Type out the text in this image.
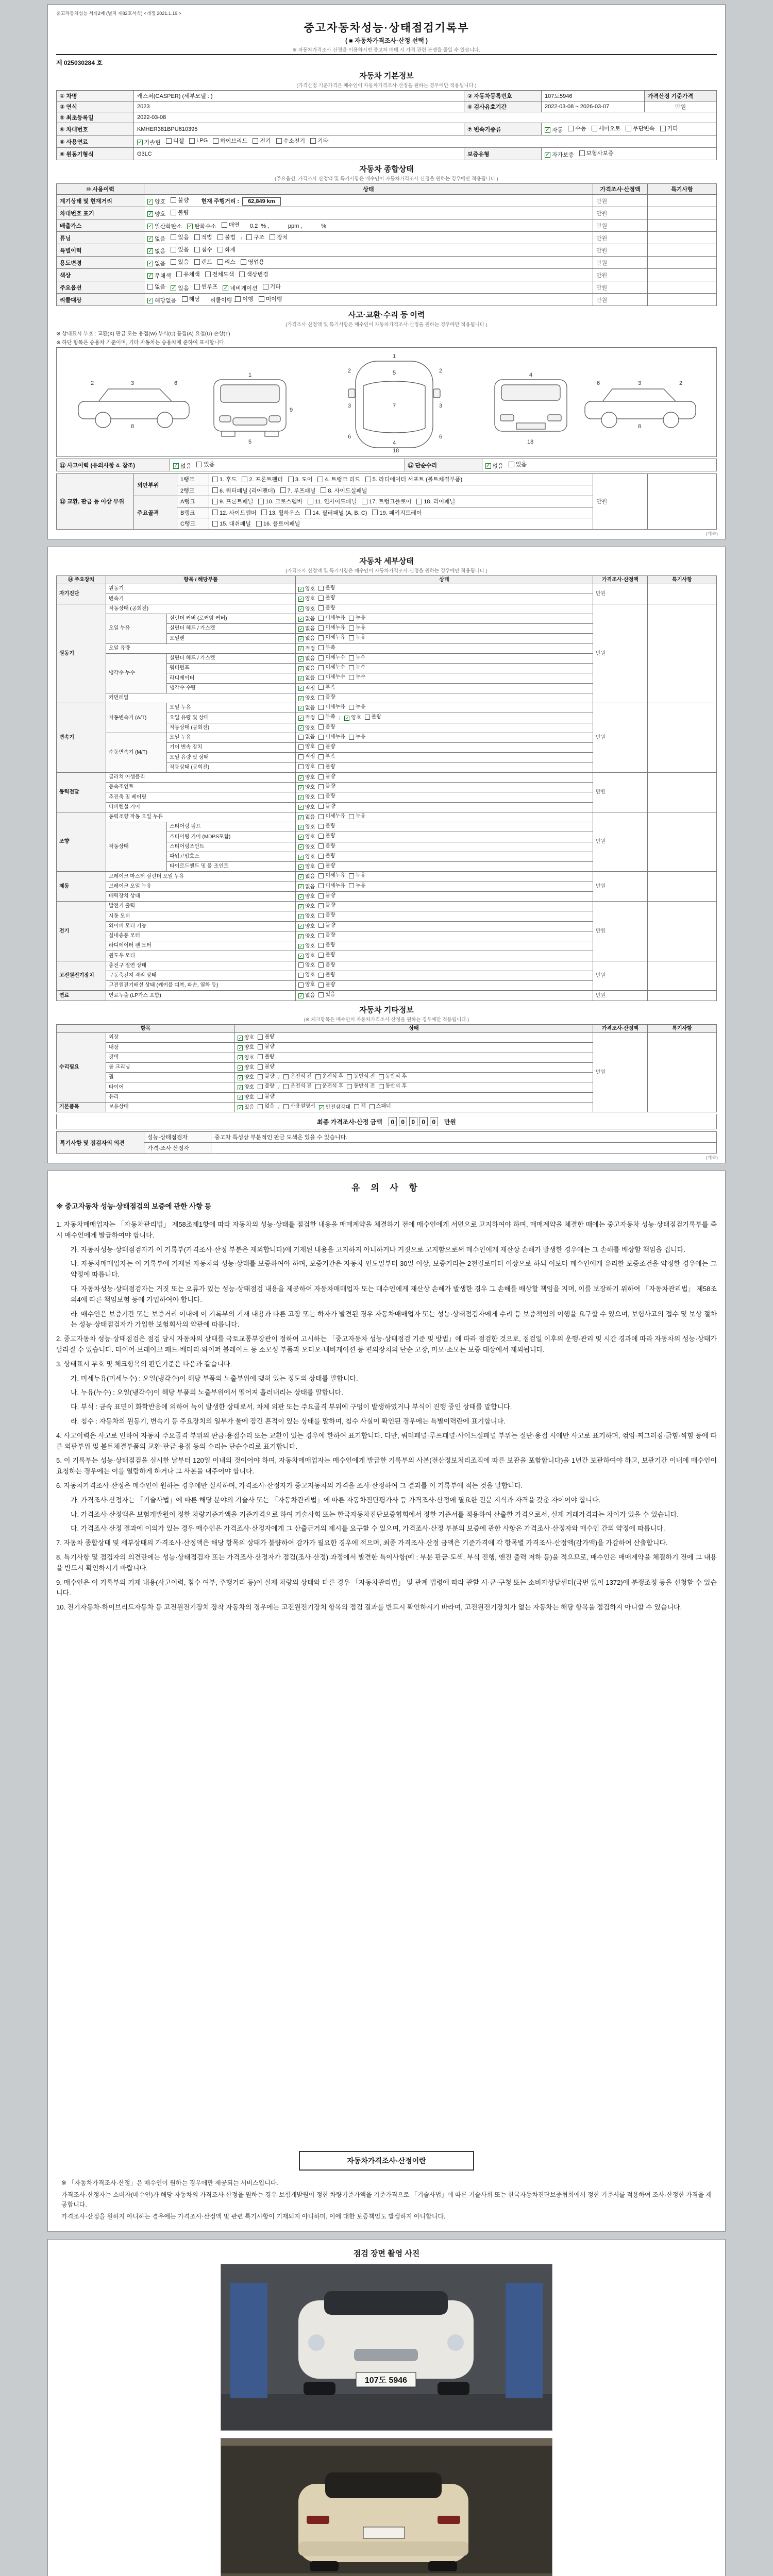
중고자동차성능 서식2매 (별지 제82호서식) <개정 2021.1.19.>
중고자동차성능·상태점검기록부
( ■ 자동차가격조사·산정 선택 )
※ 자동차가격조사·산정을 이용하시면 중고차 매매 시 가격 관련 분쟁을 줄일 수 있습니다.
제 025030284 호
자동차 기본정보
(가격산정 기준가격은 매수인이 자동차가격조사·산정을 원하는 경우에만 적용됩니다.)
① 차명	캐스퍼(CASPER) (세부모델 : )	② 자동차등록번호	107도5946	가격산정 기준가격
③ 연식	2023	④ 검사유효기간	2022-03-08 ~ 2026-03-07	만원
⑤ 최초등록일	2022-03-08			
⑥ 차대번호	KMHER381BPU610395	⑦ 변속기종류	✓ 자동 수동 세미오토 무단변속 기타

⑧ 사용연료	✓ 가솔린 디젤 LPG 하이브리드 전기 수소전기 기타

⑨ 원동기형식	G3LC	보증유형	✓ 자가보증 보험사보증	
자동차 종합상태
(주요옵션, 가격조사·산정액 및 특기사항은 매수인이 자동차가격조사·산정을 원하는 경우에만 적용됩니다.)
⑩ 사용이력	상태	가격조사·산정액	특기사항
계기상태 및 현재거리	✓ 양호 불량 현재 주행거리 : 62,849 km	만원	
차대번호 표기	✓ 양호 불량	만원	
배출가스	✓ 일산화탄소 ✓ 탄화수소 매연 0.2  % ,            ppm ,            %	만원	
튜닝	✓ 없음 있음 적법 불법 / 구조 장치	만원	
특별이력	✓ 없음 있음 침수 화재	만원	
용도변경	✓ 없음 있음 렌트 리스 영업용	만원	
색상	✓ 무채색 유채색 전체도색 색상변경	만원	
주요옵션	없음 ✓ 있음 썬루프 ✓ 네비게이션 기타	만원	
리콜대상	✓ 해당없음 해당 리콜이행 : 이행 미이행	만원	
사고·교환·수리 등 이력
(가격조사·산정액 및 특기사항은 매수인이 자동차가격조사·산정을 원하는 경우에만 적용됩니다.)
※ 상태표시 부호 : 교환(X) 판금 또는 용접(W) 부식(C) 흠집(A) 요철(U) 손상(T)
※ 하단 항목은 승용차 기준이며, 기타 자동차는 승용차에 준하여 표시합니다.
2	3	6
8
1
5
9
1
5
7
4
2	2
3	3
6	6
18
4
18
2
3
6
8
⑪ 사고이력 (유의사항 4. 참조)	✓ 없음 있음	⑫ 단순수리	✓ 없음 있음
⑬ 교환, 판금 등 이상 부위	외판부위	1랭크	1. 후드 2. 프론트펜더 3. 도어 4. 트렁크 리드 5. 라디에이터 서포트 (볼트체결부품)	만원	
		2랭크	6. 쿼터패널 (리어펜더) 7. 루프패널 8. 사이드실패널		

	주요골격	A랭크	9. 프론트패널 10. 크로스멤버 11. 인사이드패널 17. 트렁크플로어 18. 리어패널		

		B랭크	12. 사이드멤버 13. 휠하우스 14. 필러패널 (A, B, C) 19. 패키지트레이		

		C랭크	15. 대쉬패널 16. 플로어패널		
(계속)
자동차 세부상태
(가격조사·산정액 및 특기사항은 매수인이 자동차가격조사·산정을 원하는 경우에만 적용됩니다.)
⑭ 주요장치	항목 / 해당부품		상태	가격조사·산정액	특기사항
자기진단	원동기		✓ 양호 불량	만원	
	변속기		✓ 양호 불량		

원동기	작동상태 (공회전)		✓ 양호 불량	만원	
	오일 누유	실린더 커버 (로커암 커버)	✓ 없음 미세누유 누유		

		실린더 헤드 / 가스켓	✓ 없음 미세누유 누유		

		오일팬	✓ 없음 미세누유 누유		

	오일 유량		✓ 적정 부족		

	냉각수 누수	실린더 헤드 / 가스켓	✓ 없음 미세누수 누수		

		워터펌프	✓ 없음 미세누수 누수		

		라디에이터	✓ 없음 미세누수 누수		

		냉각수 수량	✓ 적정 부족		

	커먼레일		✓ 양호 불량		

변속기	자동변속기 (A/T)	오일 누유	✓ 없음 미세누유 누유	만원	
오일 유량 및 상태	✓ 적정 부족 / ✓ 양호 불량

		작동상태 (공회전)	✓ 양호 불량		

	수동변속기 (M/T)	오일 누유	없음 미세누유 누유		

		기어 변속 장치	양호 불량		

		오일 유량 및 상태	적정 부족		

		작동상태 (공회전)	양호 불량		

동력전달	클러치 어셈블리		✓ 양호 불량	만원	
	등속조인트		✓ 양호 불량		

	추진축 및 베어링		✓ 양호 불량		

	디퍼렌셜 기어		✓ 양호 불량		

조향	동력조향 작동 오일 누유		✓ 없음 미세누유 누유	만원	
	작동상태	스티어링 펌프	✓ 양호 불량		

		스티어링 기어 (MDPS포함)	✓ 양호 불량		

		스티어링조인트	✓ 양호 불량		

		파워고압호스	✓ 양호 불량		

		타이로드엔드 및 볼 조인트	✓ 양호 불량		

제동	브레이크 마스터 실린더 오일 누유		✓ 없음 미세누유 누유	만원	
	브레이크 오일 누유		✓ 없음 미세누유 누유		

	배력장치 상태		✓ 양호 불량		

전기	발전기 출력		✓ 양호 불량	만원	
	시동 모터		✓ 양호 불량		

	와이퍼 모터 기능		✓ 양호 불량		

	실내송풍 모터		✓ 양호 불량		

	라디에이터 팬 모터		✓ 양호 불량		

	윈도우 모터		✓ 양호 불량		

고전원전기장치	충전구 절연 상태		양호 불량	만원	
	구동축전지 격리 상태		양호 불량		

	고전원전기배선 상태 (케이블 피복, 파손, 열화 등)		양호 불량		

연료	연료누출 (LP가스 포함)		✓ 없음 있음	만원	
자동차 기타정보
(※ 체크항목은 매수인이 자동차가격조사·산정을 원하는 경우에만 적용됩니다.)
항목		상태	가격조사·산정액	특기사항
수리필요	외장	✓ 양호 불량	만원	
	내장	✓ 양호 불량		

	광택	✓ 양호 불량		

	룸 크리닝	✓ 양호 불량		

휠	✓ 양호 불량 / 운전석 전 운전석 후 동반석 전 동반석 후

타이어	✓ 양호 불량 / 운전석 전 운전석 후 동반석 전 동반석 후

	유리	✓ 양호 불량		

기본품목	보유상태	✓ 있음 없음 / 사용설명서 ✓ 안전삼각대 잭 스패너
최종 가격조사·산정 금액	0 0 0 0 0	만원
특기사항 및 점검자의 의견	성능·상태점검자	중고차 특성상 부분적인 판금 도색은 있을 수 있습니다.
	가격·조사 산정자	
(계속)
유 의 사 항
※ 중고자동차 성능·상태점검의 보증에 관한 사항 등
1. 자동차매매업자는 「자동차관리법」 제58조제1항에 따라 자동차의 성능·상태를 점검한 내용을 매매계약을 체결하기 전에 매수인에게 서면으로 고지하여야 하며, 매매계약을 체결한 때에는 중고자동차 성능·상태점검기록부를 즉시 매수인에게 발급하여야 합니다.
가. 자동차성능·상태점검자가 이 기록부(가격조사·산정 부분은 제외합니다)에 기재된 내용을 고지하지 아니하거나 거짓으로 고지함으로써 매수인에게 재산상 손해가 발생한 경우에는 그 손해를 배상할 책임을 집니다.
나. 자동차매매업자는 이 기록부에 기재된 자동차의 성능·상태를 보증하여야 하며, 보증기간은 자동차 인도일부터 30일 이상, 보증거리는 2천킬로미터 이상으로 하되 이보다 매수인에게 유리한 보증조건을 약정한 경우에는 그 약정에 따릅니다.
다. 자동차성능·상태점검자는 거짓 또는 오류가 있는 성능·상태점검 내용을 제공하여 자동차매매업자 또는 매수인에게 재산상 손해가 발생한 경우 그 손해를 배상할 책임을 지며, 이를 보장하기 위하여 「자동차관리법」 제58조의4에 따른 책임보험 등에 가입하여야 합니다.
라. 매수인은 보증기간 또는 보증거리 이내에 이 기록부의 기재 내용과 다른 고장 또는 하자가 발견된 경우 자동차매매업자 또는 성능·상태점검자에게 수리 등 보증책임의 이행을 요구할 수 있으며, 보험사고의 접수 및 보상 절차는 성능·상태점검자가 가입한 보험회사의 약관에 따릅니다.
2. 중고자동차 성능·상태점검은 점검 당시 자동차의 상태를 국토교통부장관이 정하여 고시하는 「중고자동차 성능·상태점검 기준 및 방법」에 따라 점검한 것으로, 점검일 이후의 운행·관리 및 시간 경과에 따라 자동차의 성능·상태가 달라질 수 있습니다. 타이어·브레이크 패드·배터리·와이퍼 블레이드 등 소모성 부품과 오디오·내비게이션 등 편의장치의 단순 고장, 마모·소모는 보증 대상에서 제외됩니다.
3. 상태표시 부호 및 체크항목의 판단기준은 다음과 같습니다.
가. 미세누유(미세누수) : 오일(냉각수)이 해당 부품의 노출부위에 맺혀 있는 정도의 상태를 말합니다.
나. 누유(누수) : 오일(냉각수)이 해당 부품의 노출부위에서 떨어져 흘러내리는 상태를 말합니다.
다. 부식 : 금속 표면이 화학반응에 의하여 녹이 발생한 상태로서, 차체 외판 또는 주요골격 부위에 구멍이 발생하였거나 부식이 진행 중인 상태를 말합니다.
라. 침수 : 자동차의 원동기, 변속기 등 주요장치의 일부가 물에 잠긴 흔적이 있는 상태를 말하며, 침수 사실이 확인된 경우에는 특별이력란에 표기합니다.
4. 사고이력은 사고로 인하여 자동차 주요골격 부위의 판금·용접수리 또는 교환이 있는 경우에 한하여 표기합니다. 다만, 쿼터패널·루프패널·사이드실패널 부위는 절단·용접 시에만 사고로 표기하며, 꺾임·찌그러짐·긁힘·찍힘 등에 따른 외판부위 및 볼트체결부품의 교환·판금·용접 등의 수리는 단순수리로 표기합니다.
5. 이 기록부는 성능·상태점검을 실시한 날부터 120일 이내의 것이어야 하며, 자동차매매업자는 매수인에게 발급한 기록부의 사본(전산정보처리조직에 따른 보관을 포함합니다)을 1년간 보관하여야 하고, 보관기간 이내에 매수인이 요청하는 경우에는 이를 열람하게 하거나 그 사본을 내주어야 합니다.
6. 자동차가격조사·산정은 매수인이 원하는 경우에만 실시하며, 가격조사·산정자가 중고자동차의 가격을 조사·산정하여 그 결과를 이 기록부에 적는 것을 말합니다.
가. 가격조사·산정자는 「기술사법」에 따른 해당 분야의 기술사 또는 「자동차관리법」에 따른 자동차진단평가사 등 가격조사·산정에 필요한 전문 지식과 자격을 갖춘 자이어야 합니다.
나. 가격조사·산정액은 보험개발원이 정한 차량기준가액을 기준가격으로 하여 기술사회 또는 한국자동차진단보증협회에서 정한 기준서를 적용하여 산출한 가격으로서, 실제 거래가격과는 차이가 있을 수 있습니다.
다. 가격조사·산정 결과에 이의가 있는 경우 매수인은 가격조사·산정자에게 그 산출근거의 제시를 요구할 수 있으며, 가격조사·산정 부분의 보증에 관한 사항은 가격조사·산정자와 매수인 간의 약정에 따릅니다.
7. 자동차 종합상태 및 세부상태의 가격조사·산정액은 해당 항목의 상태가 불량하여 감가가 필요한 경우에 적으며, 최종 가격조사·산정 금액은 기준가격에 각 항목별 가격조사·산정액(감가액)을 가감하여 산출합니다.
8. 특기사항 및 점검자의 의견란에는 성능·상태점검자 또는 가격조사·산정자가 점검(조사·산정) 과정에서 발견한 특이사항(예 : 부분 판금·도색, 부식 진행, 엔진 출력 저하 등)을 적으므로, 매수인은 매매계약을 체결하기 전에 그 내용을 반드시 확인하시기 바랍니다.
9. 매수인은 이 기록부의 기재 내용(사고이력, 침수 여부, 주행거리 등)이 실제 차량의 상태와 다른 경우 「자동차관리법」 및 관계 법령에 따라 관할 시·군·구청 또는 소비자상담센터(국번 없이 1372)에 분쟁조정 등을 신청할 수 있습니다.
10. 전기자동차·하이브리드자동차 등 고전원전기장치 장착 자동차의 경우에는 고전원전기장치 항목의 점검 결과를 반드시 확인하시기 바라며, 고전원전기장치가 없는 자동차는 해당 항목을 점검하지 아니할 수 있습니다.
자동차가격조사·산정이란
※ 「자동차가격조사·산정」은 매수인이 원하는 경우에만 제공되는 서비스입니다.
가격조사·산정자는 소비자(매수인)가 해당 자동차의 가격조사·산정을 원하는 경우 보험개발원이 정한 차량기준가액을 기준가격으로 「기술사법」에 따른 기술사회 또는 한국자동차진단보증협회에서 정한 기준서를 적용하여 조사·산정한 가격을 제공합니다.
가격조사·산정을 원하지 아니하는 경우에는 가격조사·산정액 및 관련 특기사항이 기재되지 아니하며, 이에 대한 보증책임도 발생하지 아니합니다.
점검 장면 촬영 사진
107도 5946
